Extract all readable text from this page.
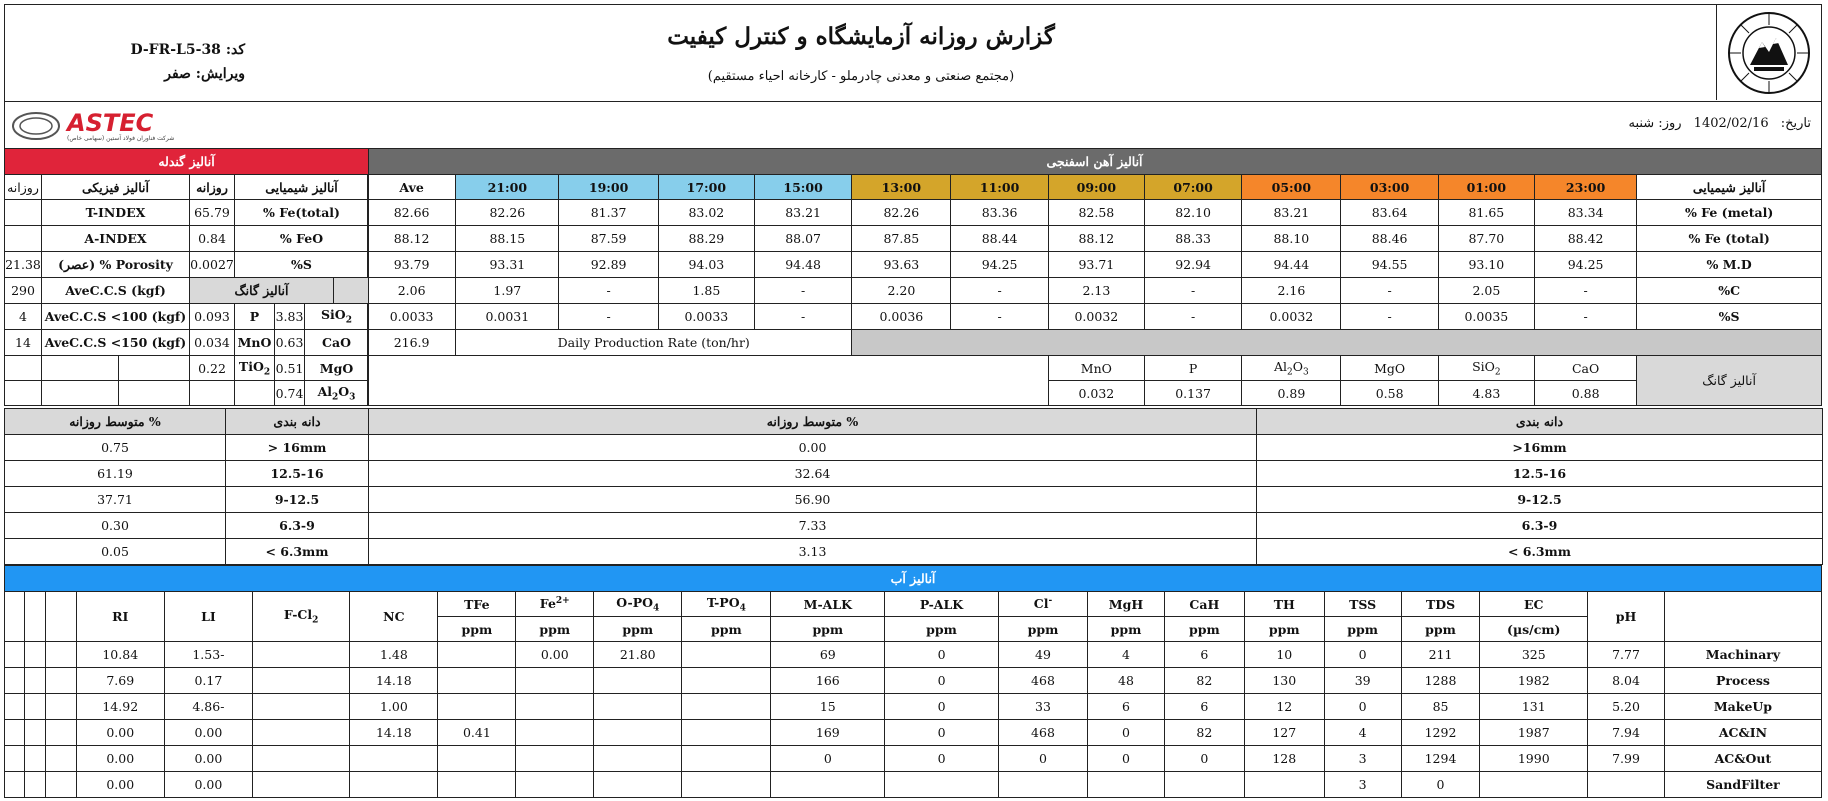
کد: D-FR-L5-38
ویرایش: صفر
گزارش روزانه آزمایشگاه و کنترل کیفیت
(مجتمع صنعتی و معدنی چادرملو - کارخانه احیاء مستقیم)
ASTEC
شرکت فناوران فولاد آستین (سهامی خاص)
تاریخ: 1402/02/16 روز: شنبه
آنالیز آهن اسفنجی													
Ave	21:00	19:00	17:00	15:00	13:00	11:00	09:00	07:00	05:00	03:00	01:00	23:00	آنالیز شیمیایی
82.66	82.26	81.37	83.02	83.21	82.26	83.36	82.58	82.10	83.21	83.64	81.65	83.34	% Fe (metal)
88.12	88.15	87.59	88.29	88.07	87.85	88.44	88.12	88.33	88.10	88.46	87.70	88.42	% Fe (total)
93.79	93.31	92.89	94.03	94.48	93.63	94.25	93.71	92.94	94.44	94.55	93.10	94.25	% M.D
2.06	1.97	-	1.85	-	2.20	-	2.13	-	2.16	-	2.05	-	%C
0.0033	0.0031	-	0.0033	-	0.0036	-	0.0032	-	0.0032	-	0.0035	-	%S
216.9	Daily Production Rate (ton/hr)												
							MnO	P	$Al_2O_3$	MgO	SiO$_2$	CaO	آنالیز گانگ
							0.032	0.137	0.89	0.58	4.83	0.88	
آنالیز گندله							
روزانه	آنالیز فیزیکی		روزانه	آنالیز شیمیایی			
	T-INDEX		65.79	% Fe(total)			
	A-INDEX		0.84	% FeO			
21.38	Porosity % (عصر)		0.0027	%S			
290	AveC.C.S (kgf)		آنالیز گانگ				
4	AveC.C.S <100 (kgf)		0.093	P	3.83	SiO$_2$
14	AveC.C.S <150 (kgf)		0.034	MnO	0.63	CaO	
			0.22	TiO$_2$	0.51	MgO	
					0.74	$Al_2O_3$
% متوسط روزانه	دانه بندی	% متوسط روزانه	دانه بندی
0.75	> 16mm	0.00	>16mm
61.19	12.5-16	32.64	12.5-16
37.71	9-12.5	56.90	9-12.5
0.30	6.3-9	7.33	6.3-9
0.05	< 6.3mm	3.13	< 6.3mm
آنالیز آب																					
			RI	LI	$F-Cl_2$	NC	TFe	$Fe^{2+}$	$O-PO_4$	$T-PO_4$	M-ALK	P-ALK	Cl-	MgH	CaH	TH	TSS	TDS	EC	pH	
							ppm	ppm	ppm	ppm	ppm	ppm	ppm	ppm	ppm	ppm	ppm	ppm	(µs/cm)		
			10.84	1.53-		1.48		0.00	21.80		69	0	49	4	6	10	0	211	325	7.77	Machinary
			7.69	0.17		14.18					166	0	468	48	82	130	39	1288	1982	8.04	Process
			14.92	4.86-		1.00					15	0	33	6	6	12	0	85	131	5.20	MakeUp
			0.00	0.00		14.18	0.41				169	0	468	0	82	127	4	1292	1987	7.94	AC&IN
			0.00	0.00							0	0	0	0	0	128	3	1294	1990	7.99	AC&Out
			0.00	0.00													3	0			SandFilter
